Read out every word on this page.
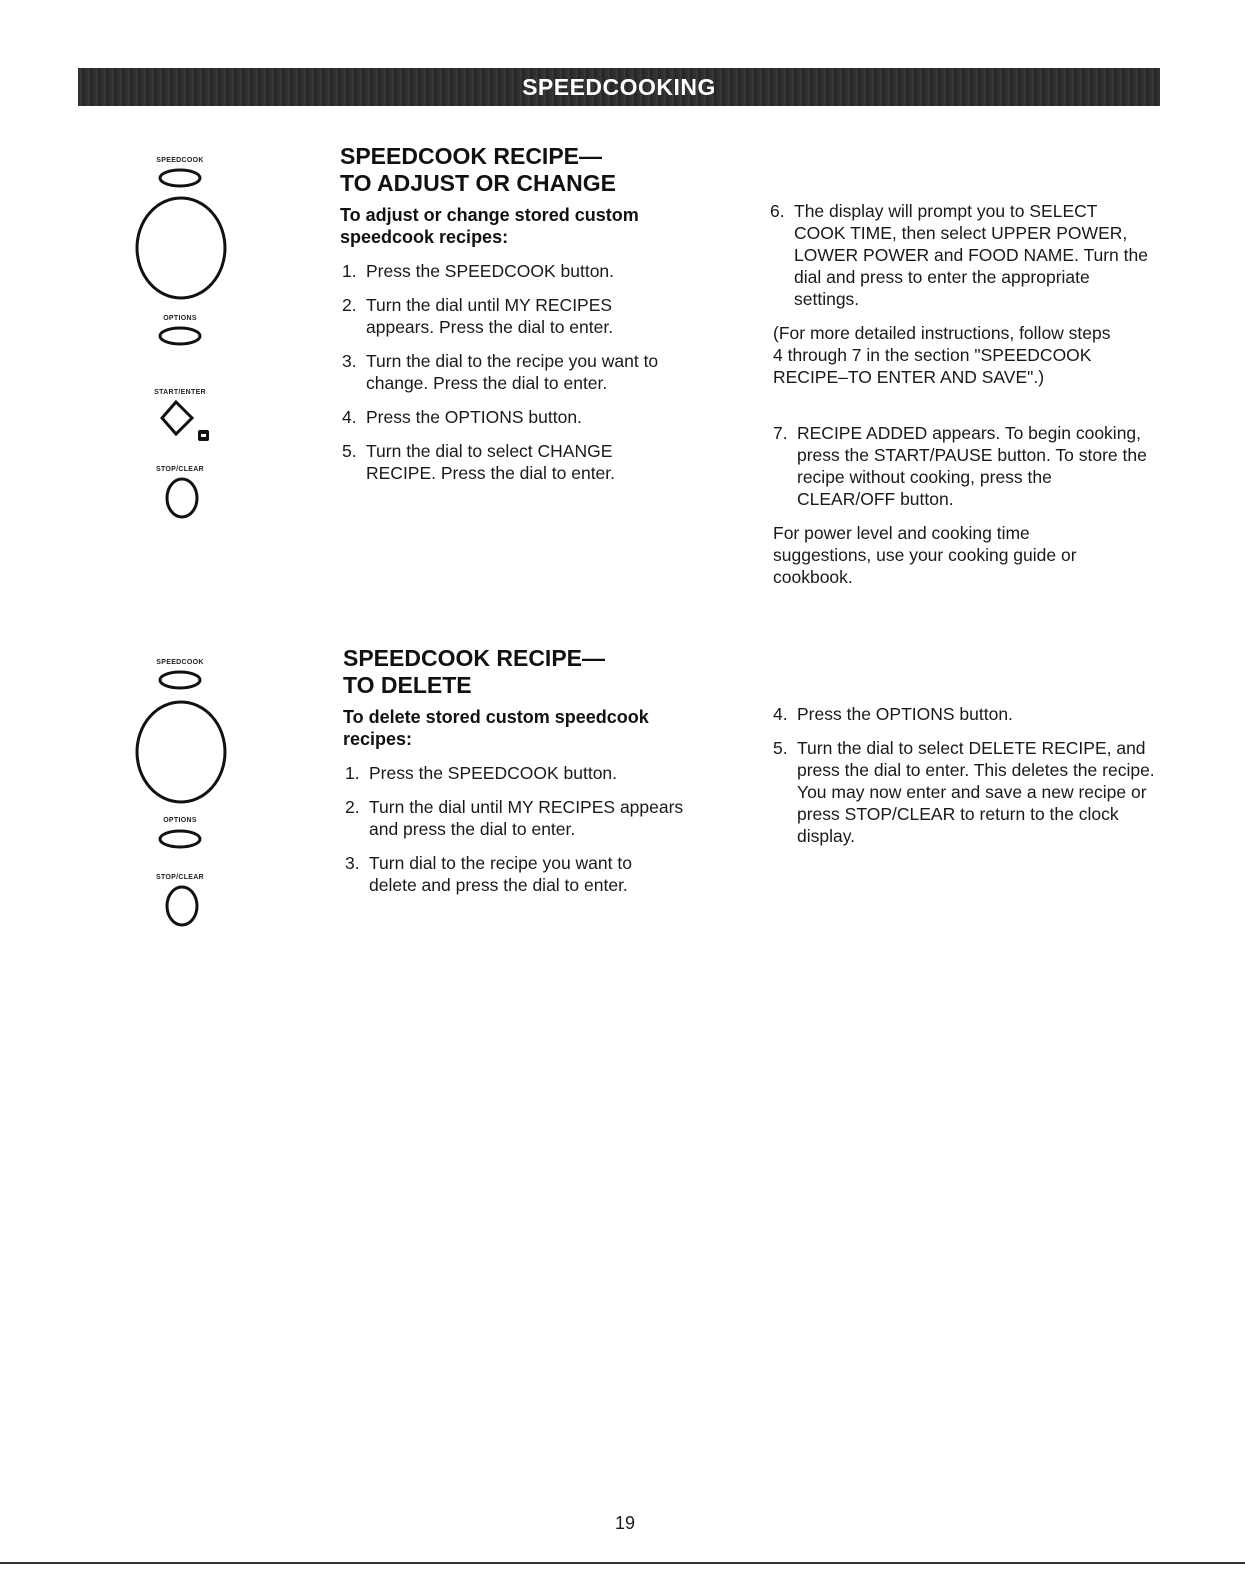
SPEEDCOOKING
SPEEDCOOK
OPTIONS
START/ENTER
STOP/CLEAR
SPEEDCOOK RECIPE—
TO ADJUST OR CHANGE

To adjust or change stored custom
speedcook recipes:

1. Press the SPEEDCOOK button.
2. Turn the dial until MY RECIPES appears. Press the dial to enter.
3. Turn the dial to the recipe you want to change. Press the dial to enter.
4. Press the OPTIONS button.
5. Turn the dial to select CHANGE RECIPE. Press the dial to enter.
6. The display will prompt you to SELECT COOK TIME, then select UPPER POWER, LOWER POWER and FOOD NAME. Turn the dial and press to enter the appropriate settings.

(For more detailed instructions, follow steps 4 through 7 in the section "SPEEDCOOK RECIPE–TO ENTER AND SAVE".)

7. RECIPE ADDED appears. To begin cooking, press the START/PAUSE button. To store the recipe without cooking, press the CLEAR/OFF button.

For power level and cooking time suggestions, use your cooking guide or cookbook.

SPEEDCOOK
OPTIONS
STOP/CLEAR
SPEEDCOOK RECIPE—
TO DELETE

To delete stored custom speedcook
recipes:

1. Press the SPEEDCOOK button.
2. Turn the dial until MY RECIPES appears and press the dial to enter.
3. Turn dial to the recipe you want to delete and press the dial to enter.
4. Press the OPTIONS button.
5. Turn the dial to select DELETE RECIPE, and press the dial to enter. This deletes the recipe. You may now enter and save a new recipe or press STOP/CLEAR to return to the clock display.
19
